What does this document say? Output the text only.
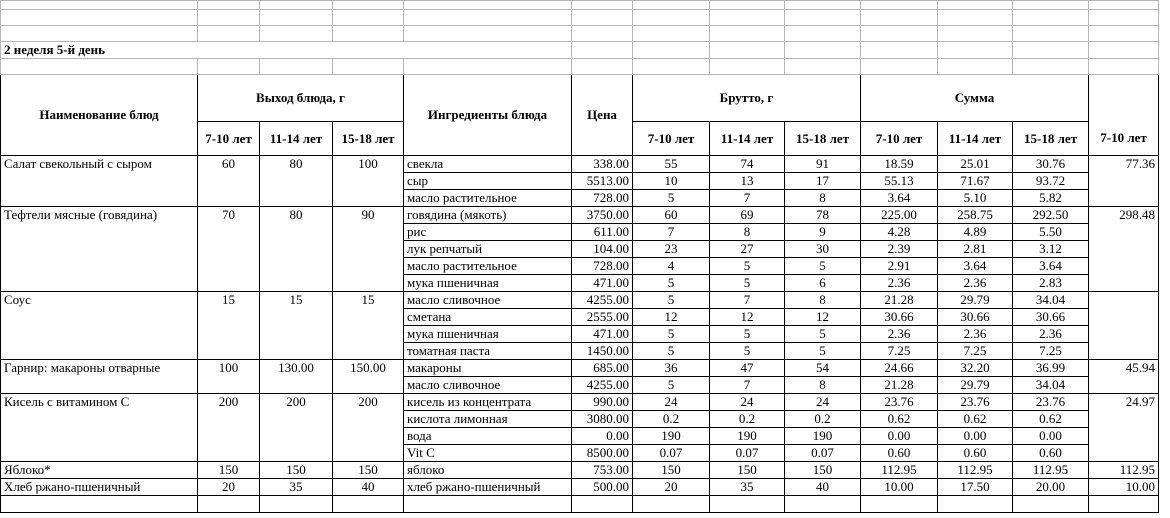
2 неделя 5-й день												

Наименование блюд	Выход блюда, г			Ингредиенты блюда	Цена	Брутто, г			Сумма			
	7-10 лет	11-14 лет	15-18 лет			7-10 лет	11-14 лет	15-18 лет	7-10 лет	11-14 лет	15-18 лет	7-10 лет
Салат свекольный с сыром	60	80	100	свекла	338.00	55	74	91	18.59	25.01	30.76	77.36
				сыр	5513.00	10	13	17	55.13	71.67	93.72	
				масло растительное	728.00	5	7	8	3.64	5.10	5.82	
Тефтели мясные (говядина)	70	80	90	говядина (мякоть)	3750.00	60	69	78	225.00	258.75	292.50	298.48
				рис	611.00	7	8	9	4.28	4.89	5.50	
				лук репчатый	104.00	23	27	30	2.39	2.81	3.12	
				масло растительное	728.00	4	5	5	2.91	3.64	3.64	
				мука пшеничная	471.00	5	5	6	2.36	2.36	2.83	
Соус	15	15	15	масло сливочное	4255.00	5	7	8	21.28	29.79	34.04	
				сметана	2555.00	12	12	12	30.66	30.66	30.66	
				мука пшеничная	471.00	5	5	5	2.36	2.36	2.36	
				томатная паста	1450.00	5	5	5	7.25	7.25	7.25	
Гарнир: макароны отварные	100	130.00	150.00	макароны	685.00	36	47	54	24.66	32.20	36.99	45.94
				масло сливочное	4255.00	5	7	8	21.28	29.79	34.04	
Кисель с витамином С	200	200	200	кисель из концентрата	990.00	24	24	24	23.76	23.76	23.76	24.97
				кислота лимонная	3080.00	0.2	0.2	0.2	0.62	0.62	0.62	
				вода	0.00	190	190	190	0.00	0.00	0.00	
				Vit C	8500.00	0.07	0.07	0.07	0.60	0.60	0.60	
Яблоко*	150	150	150	яблоко	753.00	150	150	150	112.95	112.95	112.95	112.95
Хлеб ржано-пшеничный	20	35	40	хлеб ржано-пшеничный	500.00	20	35	40	10.00	17.50	20.00	10.00
